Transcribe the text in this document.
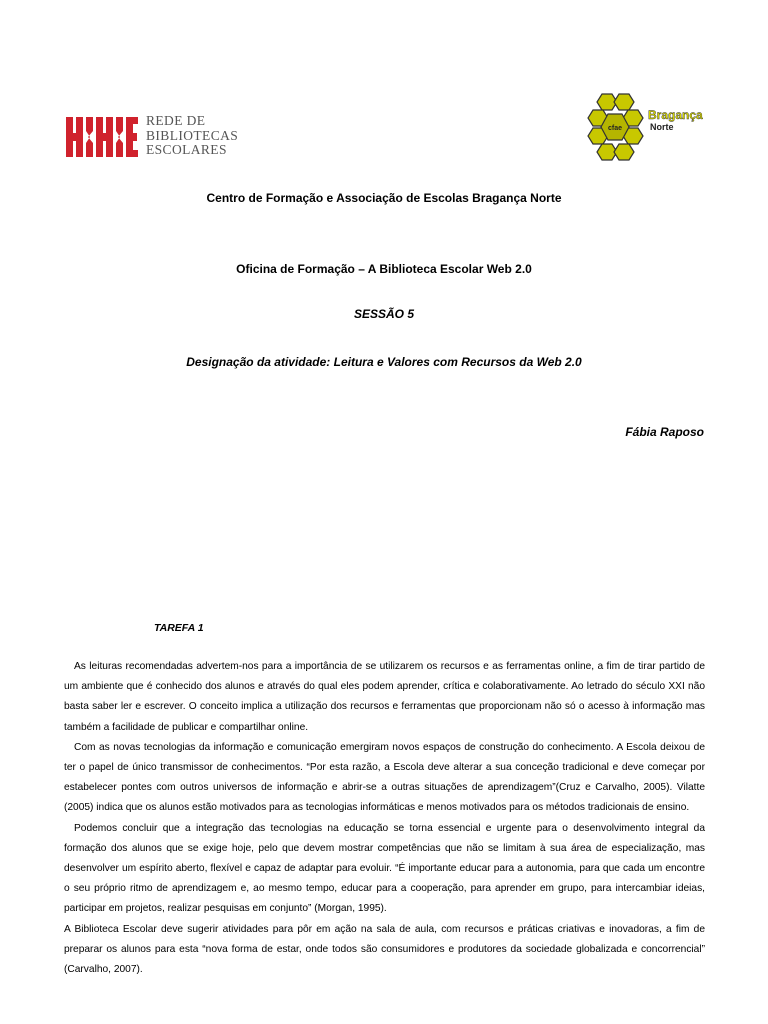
REDE DE
BIBLIOTECAS
ESCOLARES
cfae
Bragança
Norte
Centro de Formação e Associação de Escolas Bragança Norte
Oficina de Formação – A Biblioteca Escolar Web 2.0
SESSÃO 5
Designação da atividade: Leitura e Valores com Recursos da Web 2.0
Fábia Raposo
TAREFA 1

As leituras recomendadas advertem-nos para a importância de se utilizarem os recursos e as ferramentas online, a fim de tirar partido de um ambiente que é conhecido dos alunos e através do qual eles podem aprender, crítica e colaborativamente. Ao letrado do século XXI não basta saber ler e escrever. O conceito implica a utilização dos recursos e ferramentas que proporcionam não só o acesso à informação mas também a facilidade de publicar e compartilhar online.

Com as novas tecnologias da informação e comunicação emergiram novos espaços de construção do conhecimento. A Escola deixou de ter o papel de único transmissor de conhecimentos. “Por esta razão, a Escola deve alterar a sua conceção tradicional e deve começar por estabelecer pontes com outros universos de informação e abrir-se a outras situações de aprendizagem”(Cruz e Carvalho, 2005). Vilatte (2005) indica que os alunos estão motivados para as tecnologias informáticas e menos motivados para os métodos tradicionais de ensino.

Podemos concluir que a integração das tecnologias na educação se torna essencial e urgente para o desenvolvimento integral da formação dos alunos que se exige hoje, pelo que devem mostrar competências que não se limitam à sua área de especialização, mas desenvolver um espírito aberto, flexível e capaz de adaptar para evoluir. “É importante educar para a autonomia, para que cada um encontre o seu próprio ritmo de aprendizagem e, ao mesmo tempo, educar para a cooperação, para aprender em grupo, para intercambiar ideias, participar em projetos, realizar pesquisas em conjunto” (Morgan, 1995).

A Biblioteca Escolar deve sugerir atividades para pôr em ação na sala de aula, com recursos e práticas criativas e inovadoras, a fim de preparar os alunos para esta “nova forma de estar, onde todos são consumidores e produtores da sociedade globalizada e concorrencial” (Carvalho, 2007).
